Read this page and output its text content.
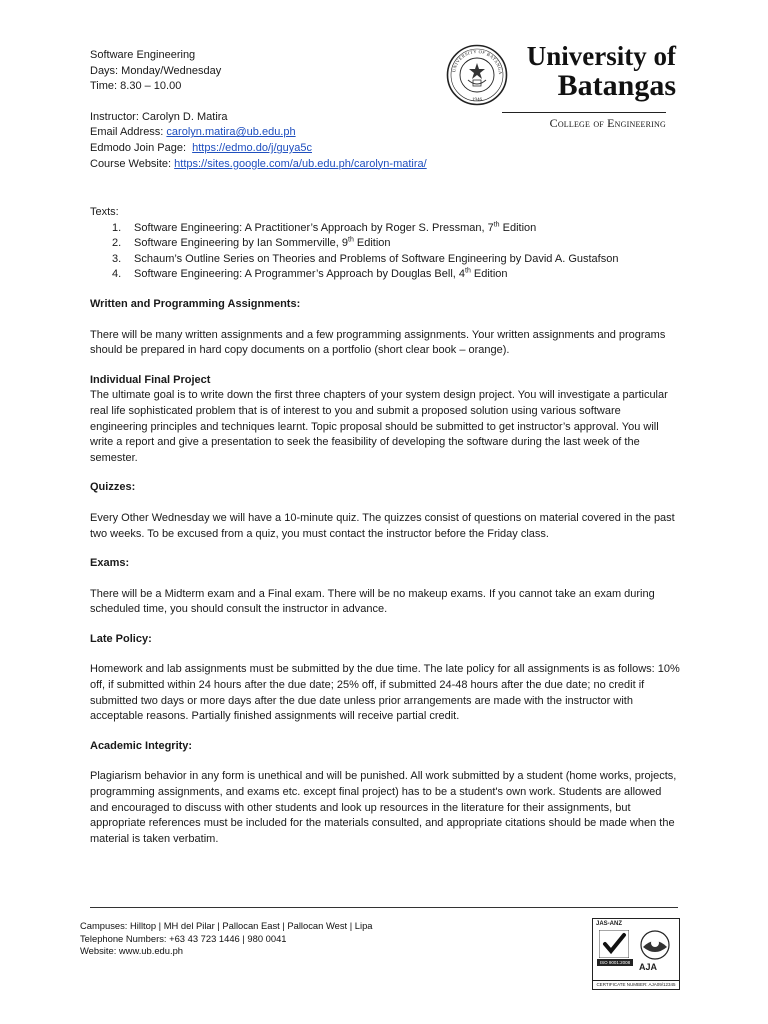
Software Engineering
Days: Monday/Wednesday
Time: 8.30 – 10.00
Instructor: Carolyn D. Matira
Email Address: carolyn.matira@ub.edu.ph
Edmodo Join Page:  https://edmo.do/j/guya5c
Course Website: https://sites.google.com/a/ub.edu.ph/carolyn-matira/
1946
UNIVERSITY OF BATANGA
University of
Batangas
College of Engineering
Texts:
1. Software Engineering: A Practitioner’s Approach by Roger S. Pressman, 7th Edition
2. Software Engineering by Ian Sommerville, 9th Edition
3. Schaum’s Outline Series on Theories and Problems of Software Engineering by David A. Gustafson
4. Software Engineering: A Programmer’s Approach by Douglas Bell, 4th Edition
Written and Programming Assignments:
There will be many written assignments and a few programming assignments. Your written assignments and programs should be prepared in hard copy documents on a portfolio (short clear book – orange).
Individual Final Project
The ultimate goal is to write down the first three chapters of your system design project. You will investigate a particular real life sophisticated problem that is of interest to you and submit a proposed solution using various software engineering principles and techniques learnt. Topic proposal should be submitted to get instructor’s approval. You will write a report and give a presentation to seek the feasibility of developing the software during the last week of the semester.
Quizzes:
Every Other Wednesday we will have a 10-minute quiz. The quizzes consist of questions on material covered in the past two weeks. To be excused from a quiz, you must contact the instructor before the Friday class.
Exams:
There will be a Midterm exam and a Final exam. There will be no makeup exams. If you cannot take an exam during scheduled time, you should consult the instructor in advance.
Late Policy:
Homework and lab assignments must be submitted by the due time. The late policy for all assignments is as follows: 10% off, if submitted within 24 hours after the due date; 25% off, if submitted 24-48 hours after the due date; no credit if submitted two days or more days after the due date unless prior arrangements are made with the instructor with acceptable reasons. Partially finished assignments will receive partial credit.
Academic Integrity:
Plagiarism behavior in any form is unethical and will be punished. All work submitted by a student (home works, projects, programming assignments, and exams etc. except final project) has to be a student's own work. Students are allowed and encouraged to discuss with other students and look up resources in the literature for their assignments, but appropriate references must be included for the materials consulted, and appropriate citations should be made when the material is taken verbatim.
Campuses: Hilltop | MH del Pilar | Pallocan East | Pallocan West | Lipa
Telephone Numbers: +63 43 723 1446 | 980 0041
Website: www.ub.edu.ph
JAS-ANZ
ISO 9001:2008 AJA
CERTIFICATE NUMBER: AJA09/12345
